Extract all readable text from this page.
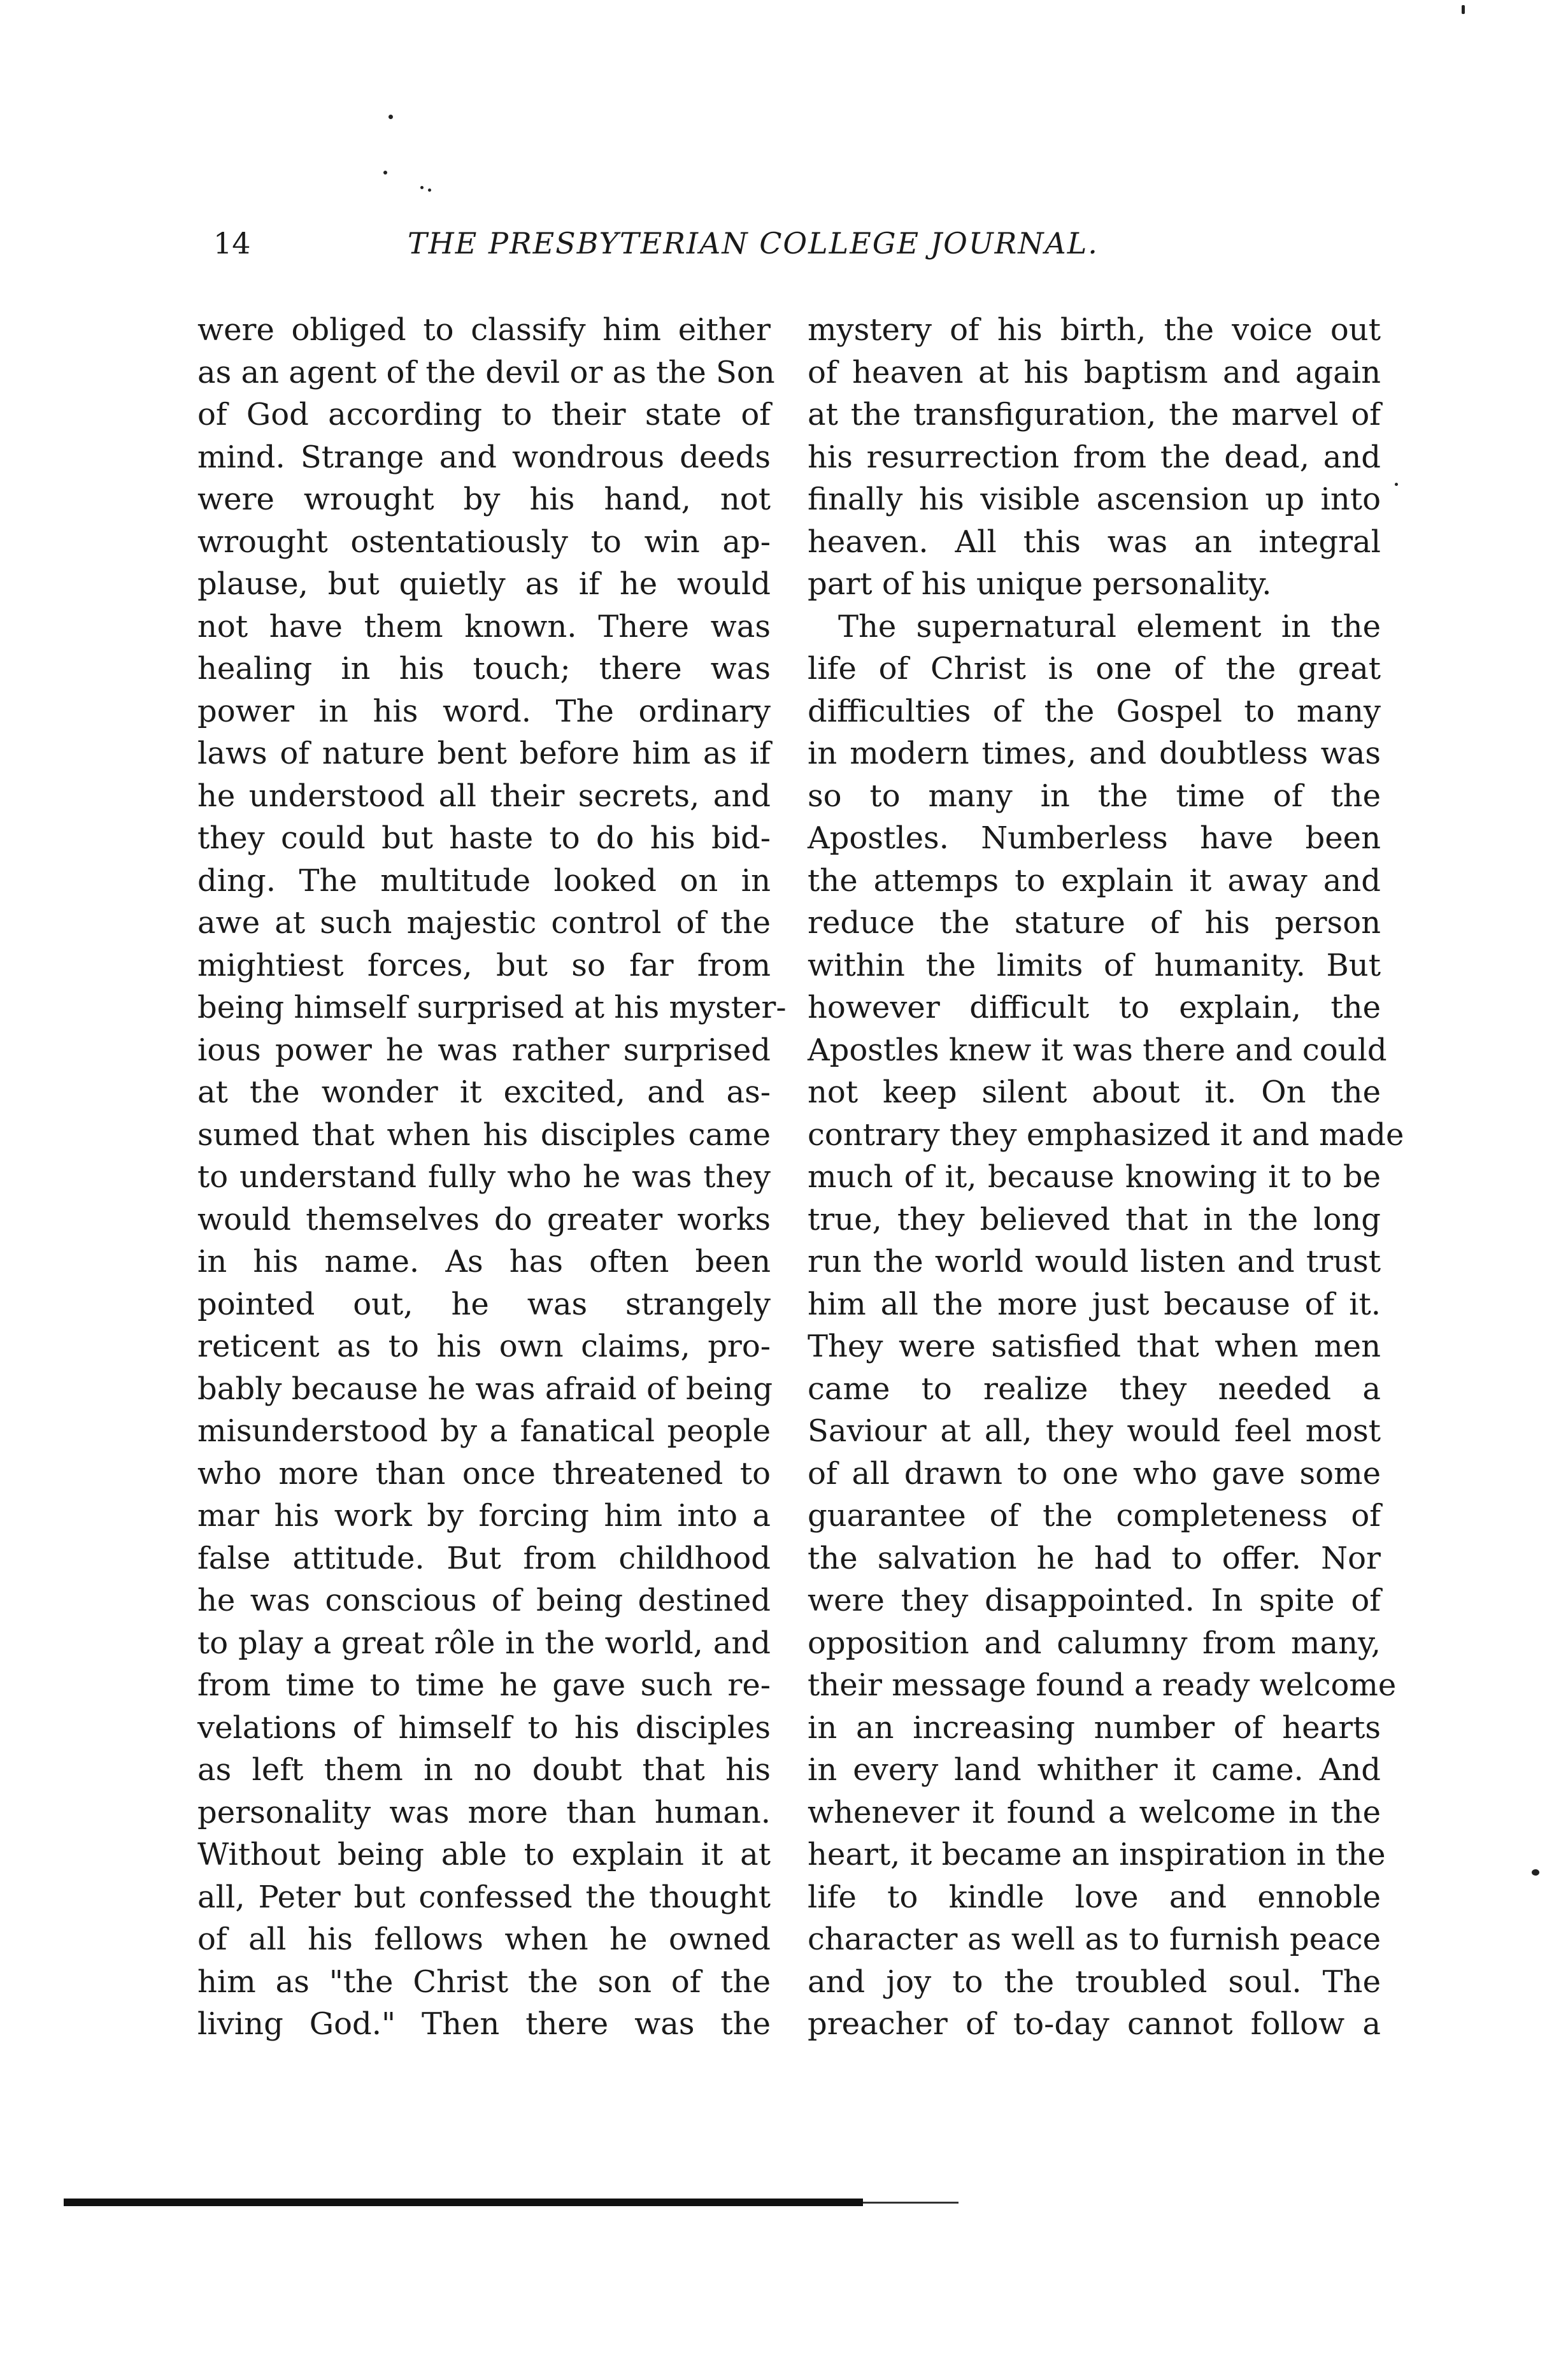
14	THE PRESBYTERIAN COLLEGE JOURNAL.
were obliged to classify him either
as an agent of the devil or as the Son
of God according to their state of
mind. Strange and wondrous deeds
were wrought by his hand, not
wrought ostentatiously to win ap-
plause, but quietly as if he would
not have them known. There was
healing in his touch; there was
power in his word. The ordinary
laws of nature bent before him as if
he understood all their secrets, and
they could but haste to do his bid-
ding. The multitude looked on in
awe at such majestic control of the
mightiest forces, but so far from
being himself surprised at his myster-
ious power he was rather surprised
at the wonder it excited, and as-
sumed that when his disciples came
to understand fully who he was they
would themselves do greater works
in his name. As has often been
pointed out, he was strangely
reticent as to his own claims, pro-
bably because he was afraid of being
misunderstood by a fanatical people
who more than once threatened to
mar his work by forcing him into a
false attitude. But from childhood
he was conscious of being destined
to play a great rôle in the world, and
from time to time he gave such re-
velations of himself to his disciples
as left them in no doubt that his
personality was more than human.
Without being able to explain it at
all, Peter but confessed the thought
of all his fellows when he owned
him as "the Christ the son of the
living God." Then there was the
mystery of his birth, the voice out
of heaven at his baptism and again
at the transfiguration, the marvel of
his resurrection from the dead, and
finally his visible ascension up into
heaven. All this was an integral
part of his unique personality.
The supernatural element in the
life of Christ is one of the great
difficulties of the Gospel to many
in modern times, and doubtless was
so to many in the time of the
Apostles. Numberless have been
the attemps to explain it away and
reduce the stature of his person
within the limits of humanity. But
however difficult to explain, the
Apostles knew it was there and could
not keep silent about it. On the
contrary they emphasized it and made
much of it, because knowing it to be
true, they believed that in the long
run the world would listen and trust
him all the more just because of it.
They were satisfied that when men
came to realize they needed a
Saviour at all, they would feel most
of all drawn to one who gave some
guarantee of the completeness of
the salvation he had to offer. Nor
were they disappointed. In spite of
opposition and calumny from many,
their message found a ready welcome
in an increasing number of hearts
in every land whither it came. And
whenever it found a welcome in the
heart, it became an inspiration in the
life to kindle love and ennoble
character as well as to furnish peace
and joy to the troubled soul. The
preacher of to-day cannot follow a
